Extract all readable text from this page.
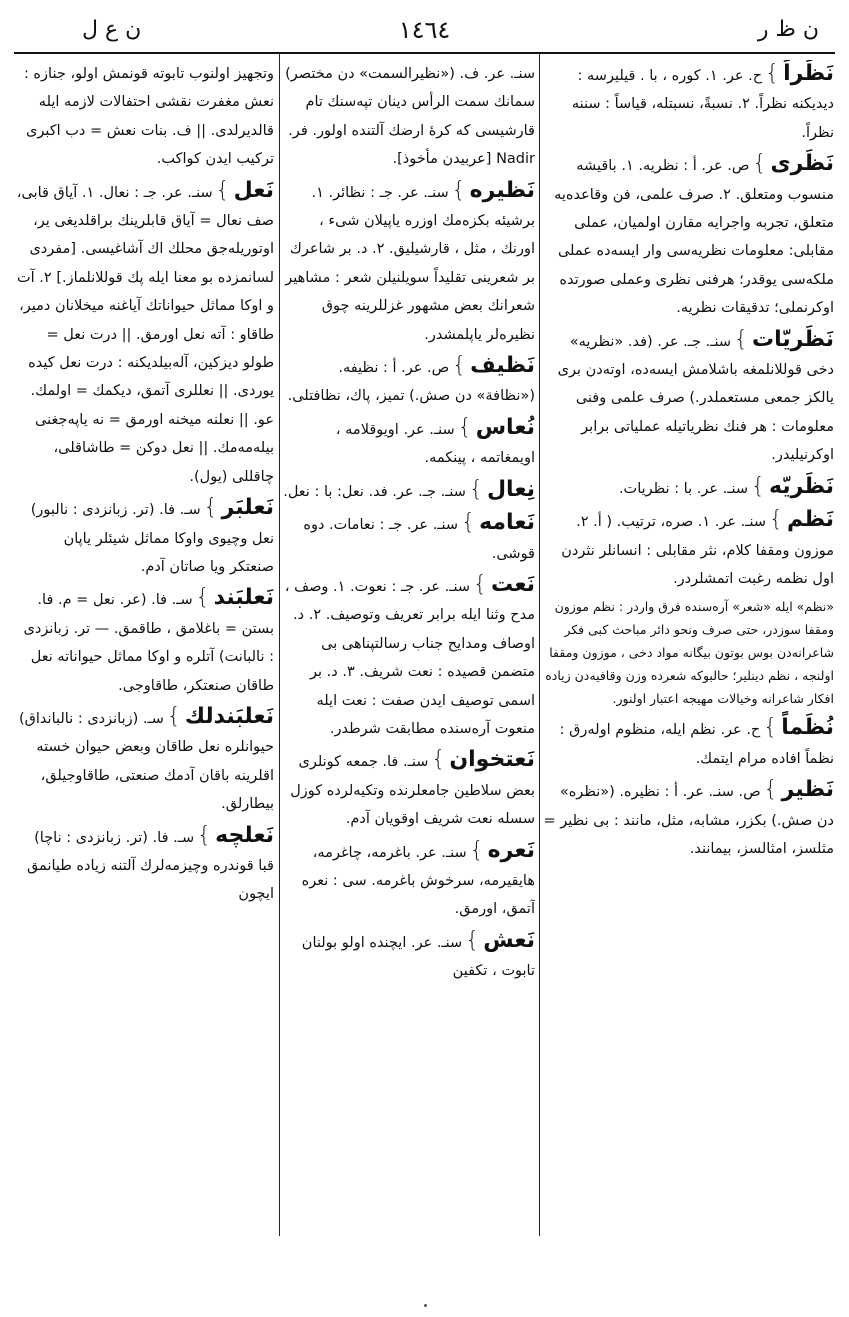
ن ظ ر
١٤٦٤
ن ع ل
نَظَراً}ح. عر. ١. كوره ، با . قیلیرسه : دیدیكنه نظراً. ٢. نسبةً، نسبتله، قیاساً : سننه نظراً.
نَظَری}ص. عر. أ : نظریه. ١. باقیشه منسوب ومتعلق. ٢. صرف علمی، فن وقاعده‌یه متعلق، تجربه واجرایه مقارن اولمیان، عملی مقابلی: معلومات نظریه‌سی وار ایسه‌ده عملی ملكه‌سی یوقدر؛ هرفنی نظری وعملی صورتده اوكرنملی؛ تدقیقات نظریه.
نَظَریّات}سنـ. جـ. عر. (فد. «نظریه» دخی قوللانلمغه باشلامش ایسه‌ده، اوته‌دن بری یالكز جمعی مستعملدر.) صرف علمی وفنی معلومات : هر فنك نظریاتیله عملیاتی برابر اوكرنیلیدر.
نَظَریّه}سنـ. عر. با : نظریات.
نَظم}سنـ. عر. ١. صره، ترتیب. ( أ. ٢. موزون ومقفا كلام، نثر مقابلی : انسانلر نثردن اول نظمه رغبت اتمشلردر.
«نظم» ایله «شعر» آره‌سنده فرق واردر : نظم موزون ومقفا سوزدر، حتی صرف ونحو دائر مباحث كبی فكر شاعرانه‌دن بوس بوتون بیگانه مواد دخی ، موزون ومقفا اولنجه ، نظم دینلیر؛ حالبوكه شعرده وزن وقافیه‌دن زیاده افكار شاعرانه وخیالات مهیجه اعتبار اولنور.
نُظَماً}ح. عر. نظم ایله، منظوم اوله‌رق : نظماً افاده مرام ایتمك.
نَظیر}ص. سنـ. عر. أ : نظیره. («نظره» دن صش.) بكزر، مشابه، مثل، مانند : بی نظیر = مثلسز، امثالسز، بیمانند.
سنـ. عر. ف. («نظیرالسمت» دن مختصر) سمانك سمت الرأس دینان تپه‌سنك تام قارشیسی كه كرهٔ ارضك آلتنده اولور. فر. Nadir [عربیدن مأخوذ].
نَظیره}سنـ. عر. جـ : نظائر. ١. برشیئه بكزه‌مك اوزره یاپیلان شیء ، اورنك ، مثل ، قارشیلیق. ٢. د. بر شاعرك بر شعرینی تقلیداً سویلنیلن شعر : مشاهیر شعرانك بعض مشهور غزللرینه چوق نظیره‌لر یاپلمشدر.
نَظیف}ص. عر. أ : نظیفه. («نظافة» دن صش.) تمیز، پاك، نظافتلی.
نُعاس}سنـ. عر. اویوقلامه ، اویمغاتمه ، پینكمه.
نِعال}سنـ. جـ. عر. فد. نعل: با : نعل.
نَعامه}سنـ. عر. جـ : نعامات. دوه قوشی.
نَعت}سنـ. عر. جـ : نعوت. ١. وصف ، مدح وثنا ایله برابر تعریف وتوصیف. ٢. د. اوصاف ومدایح جناب رسالتپناهی بی متضمن قصیده : نعت شریف. ٣. د. بر اسمی توصیف ایدن صفت : نعت ایله منعوت آره‌سنده مطابقت شرطدر.
نَعتخوان}سنـ. فا. جمعه كونلری بعض سلاطین جامعلرنده وتكیه‌لرده كوزل سسله نعت شریف اوقویان آدم.
نَعره}سنـ. عر. باغرمه، چاغرمه، هایقیرمه، سرخوش باغرمه. سی : نعره آتمق، اورمق.
نَعش}سنـ. عر. ایچنده اولو بولنان تابوت ، تكفین
وتجهیز اولنوب تابوته قونمش اولو، جنازه : نعش مغفرت نقشی احتفالات لازمه ایله قالدیرلدی. || ف. بنات نعش = دب اكبری تركیب ایدن كواكب.
نَعل}سنـ. عر. جـ : نعال. ١. آیاق قابی، صف نعال = آیاق قابلرینك براقلدیغی یر، اوتوریله‌جق محلك اك آشاغیسی. [مفردی لسانمزده بو معنا ایله پك قوللانلماز.] ٢. آت و اوكا مماثل حیواناتك آیاغنه میخلانان دمیر، طاقاو : آته نعل اورمق. || درت نعل = طولو دیزكین، آله‌بیلدیكنه : درت نعل كیده یوردی. || نعللری آتمق، دیكمك = اولمك. عو. || نعلنه میخنه اورمق = نه یاپه‌جغنی بیله‌مه‌مك. || نعل دوكن = طاشاقلی، چاقللی (یول).
نَعلبَر}سـ. فا. (تر. زبانزدی : نالبور) نعل وچیوی واوكا مماثل شیئلر یاپان صنعتكر ویا صاتان آدم.
نَعلبَند}سـ. فا. (عر. نعل = م. فا. بستن = باغلامق ، طاقمق. — تر. زبانزدی : نالبانت) آتلره و اوكا مماثل حیواناته نعل طاقان صنعتكر، طاقاوجی.
نَعلبَندلك}سـ. (زبانزدی : نالبانداق) حیوانلره نعل طاقان وبعض حیوان خسته اقلرینه باقان آدمك صنعتی، طاقاوجیلق، بیطارلق.
نَعلچه}سـ. فا. (تر. زبانزدی : ناچا) قبا قوندره وچیزمه‌لرك آلتنه زیاده طیانمق ایچون
